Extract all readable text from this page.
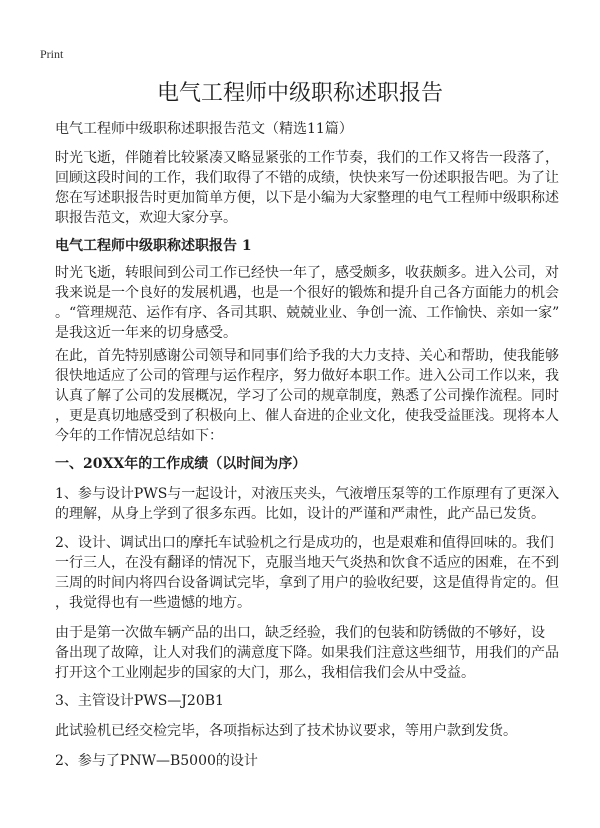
Print
电气工程师中级职称述职报告
电气工程师中级职称述职报告范文（精选11篇）
时光飞逝，伴随着比较紧凑又略显紧张的工作节奏，我们的工作又将告一段落了，
回顾这段时间的工作，我们取得了不错的成绩，快快来写一份述职报告吧。为了让
您在写述职报告时更加简单方便，以下是小编为大家整理的电气工程师中级职称述
职报告范文，欢迎大家分享。
电气工程师中级职称述职报告 1
时光飞逝，转眼间到公司工作已经快一年了，感受颇多，收获颇多。进入公司，对
我来说是一个良好的发展机遇，也是一个很好的锻炼和提升自己各方面能力的机会
。“管理规范、运作有序、各司其职、兢兢业业、争创一流、工作愉快、亲如一家”
是我这近一年来的切身感受。
在此，首先特别感谢公司领导和同事们给予我的大力支持、关心和帮助，使我能够
很快地适应了公司的管理与运作程序，努力做好本职工作。进入公司工作以来，我
认真了解了公司的发展概况，学习了公司的规章制度，熟悉了公司操作流程。同时
，更是真切地感受到了积极向上、催人奋进的企业文化，使我受益匪浅。现将本人
今年的工作情况总结如下：
一、20XX年的工作成绩（以时间为序）
1、参与设计PWS与一起设计，对液压夹头，气液增压泵等的工作原理有了更深入
的理解，从身上学到了很多东西。比如，设计的严谨和严肃性，此产品已发货。
2、设计、调试出口的摩托车试验机之行是成功的，也是艰难和值得回味的。我们
一行三人，在没有翻译的情况下，克服当地天气炎热和饮食不适应的困难，在不到
三周的时间内将四台设备调试完毕，拿到了用户的验收纪要，这是值得肯定的。但
，我觉得也有一些遗憾的地方。
由于是第一次做车辆产品的出口，缺乏经验，我们的包装和防锈做的不够好，设
备出现了故障，让人对我们的满意度下降。如果我们注意这些细节，用我们的产品
打开这个工业刚起步的国家的大门，那么，我相信我们会从中受益。
3、主管设计PWS—J20B1
此试验机已经交检完毕，各项指标达到了技术协议要求，等用户款到发货。
2、参与了PNW—B5000的设计
